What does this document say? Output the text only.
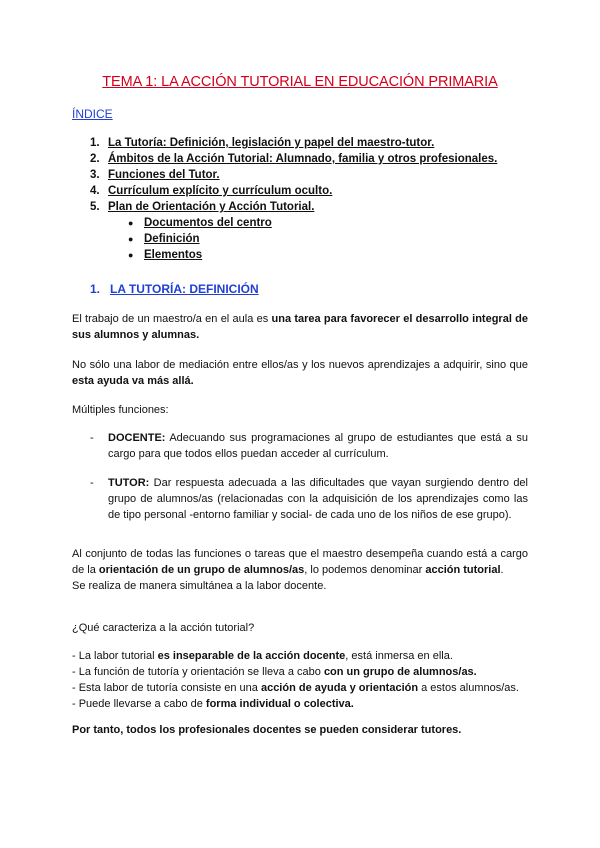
TEMA 1: LA ACCIÓN TUTORIAL EN EDUCACIÓN PRIMARIA
ÍNDICE
1. La Tutoría: Definición, legislación y papel del maestro-tutor.
2. Ámbitos de la Acción Tutorial: Alumnado, familia y otros profesionales.
3. Funciones del Tutor.
4. Currículum explícito y currículum oculto.
5. Plan de Orientación y Acción Tutorial.
● Documentos del centro
● Definición
● Elementos
1. LA TUTORÍA: DEFINICIÓN
El trabajo de un maestro/a en el aula es una tarea para favorecer el desarrollo integral de sus alumnos y alumnas.
No sólo una labor de mediación entre ellos/as y los nuevos aprendizajes a adquirir, sino que esta ayuda va más allá.
Múltiples funciones:
-	DOCENTE: Adecuando sus programaciones al grupo de estudiantes que está a su cargo para que todos ellos puedan acceder al currículum.
-	TUTOR: Dar respuesta adecuada a las dificultades que vayan surgiendo dentro del grupo de alumnos/as (relacionadas con la adquisición de los aprendizajes como las de tipo personal -entorno familiar y social- de cada uno de los niños de ese grupo).
Al conjunto de todas las funciones o tareas que el maestro desempeña cuando está a cargo de la orientación de un grupo de alumnos/as, lo podemos denominar acción tutorial.
Se realiza de manera simultánea a la labor docente.
¿Qué caracteriza a la acción tutorial?
- La labor tutorial es inseparable de la acción docente, está inmersa en ella.
- La función de tutoría y orientación se lleva a cabo con un grupo de alumnos/as.
- Esta labor de tutoría consiste en una acción de ayuda y orientación a estos alumnos/as.
- Puede llevarse a cabo de forma individual o colectiva.
Por tanto, todos los profesionales docentes se pueden considerar tutores.
